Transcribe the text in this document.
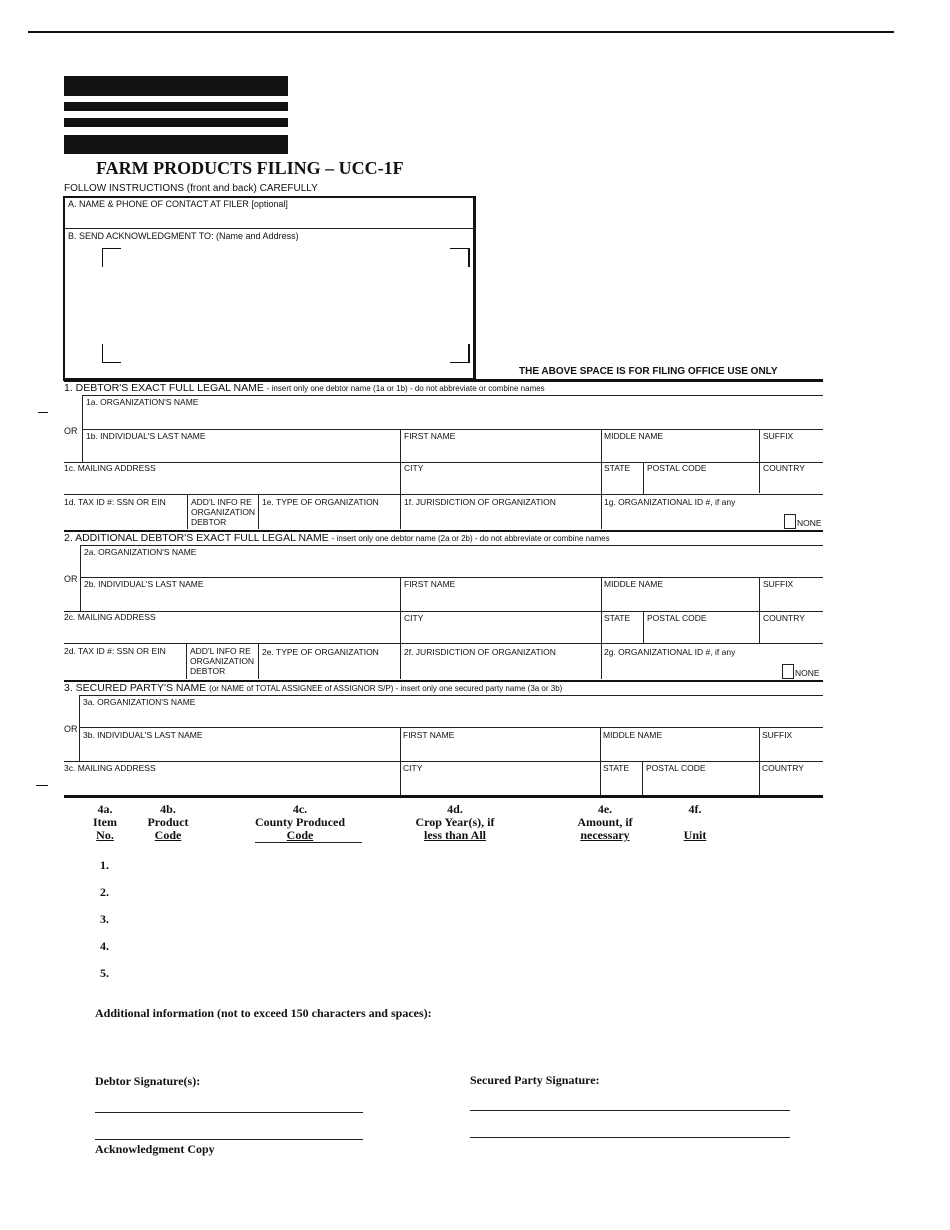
FARM PRODUCTS FILING – UCC-1F
FOLLOW INSTRUCTIONS (front and back) CAREFULLY
A. NAME & PHONE OF CONTACT AT FILER [optional]
B. SEND ACKNOWLEDGMENT TO: (Name and Address)
THE ABOVE SPACE IS FOR FILING OFFICE USE ONLY
1. DEBTOR'S EXACT FULL LEGAL NAME - insert only one debtor name (1a or 1b) - do not abbreviate or combine names
1a. ORGANIZATION'S NAME
OR 1b. INDIVIDUAL'S LAST NAME	FIRST NAME	MIDDLE NAME	SUFFIX
1c. MAILING ADDRESS	CITY	STATE POSTAL CODE	COUNTRY
1d. TAX ID #: SSN OR EIN	ADD'L INFO RE ORGANIZATION DEBTOR
1e. TYPE OF ORGANIZATION	1f. JURISDICTION OF ORGANIZATION	1g. ORGANIZATIONAL ID #, if any
NONE
2. ADDITIONAL DEBTOR'S EXACT FULL LEGAL NAME - insert only one debtor name (2a or 2b) - do not abbreviate or combine names
2a. ORGANIZATION'S NAME
OR 2b. INDIVIDUAL'S LAST NAME	FIRST NAME	MIDDLE NAME	SUFFIX
2c. MAILING ADDRESS	CITY	STATE POSTAL CODE	COUNTRY
2d. TAX ID #: SSN OR EIN	ADD'L INFO RE ORGANIZATION DEBTOR
2e. TYPE OF ORGANIZATION	2f. JURISDICTION OF ORGANIZATION	2g. ORGANIZATIONAL ID #, if any
NONE
3. SECURED PARTY'S NAME (or NAME of TOTAL ASSIGNEE of ASSIGNOR S/P) - insert only one secured party name (3a or 3b)
3a. ORGANIZATION'S NAME
OR
3b. INDIVIDUAL'S LAST NAME	FIRST NAME	MIDDLE NAME	SUFFIX
3c. MAILING ADDRESS	CITY	STATE POSTAL CODE	COUNTRY
4a.
Item
No.
4b.
Product
Code
4c.
County Produced
Code
4d.
Crop Year(s), if
less than All
4e.
Amount, if
necessary
4f.
Unit
1.
2.
3.
4.
5.
Additional information (not to exceed 150 characters and spaces):
Debtor Signature(s):	Secured Party Signature:
Acknowledgment Copy
